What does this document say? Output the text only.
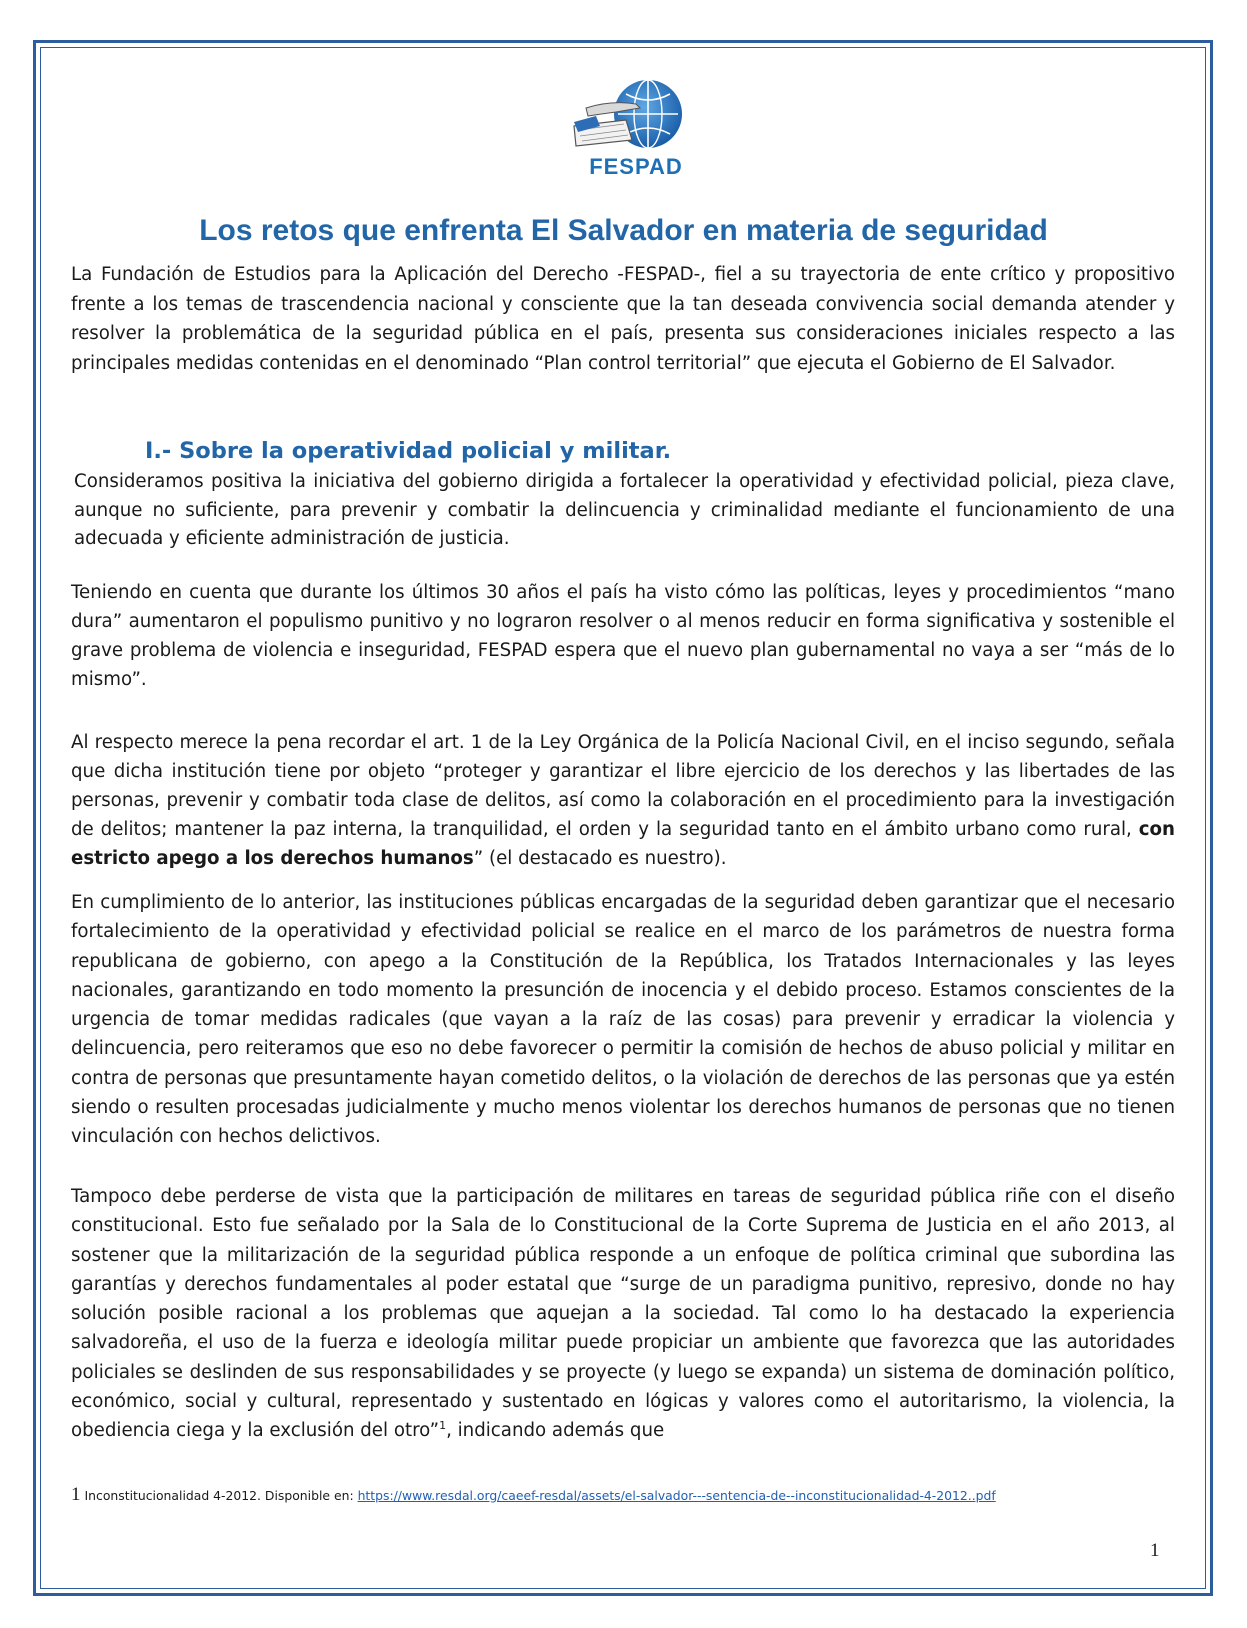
FESPAD
Los retos que enfrenta El Salvador en materia de seguridad

La Fundación de Estudios para la Aplicación del Derecho -FESPAD-, fiel a su trayectoria de ente crítico y propositivo frente a los temas de trascendencia nacional y consciente que la tan deseada convivencia social demanda atender y resolver la problemática de la seguridad pública en el país, presenta sus consideraciones iniciales respecto a las principales medidas contenidas en el denominado “Plan control territorial” que ejecuta el Gobierno de El Salvador.

I.- Sobre la operatividad policial y militar.

Consideramos positiva la iniciativa del gobierno dirigida a fortalecer la operatividad y efectividad policial, pieza clave, aunque no suficiente, para prevenir y combatir la delincuencia y criminalidad mediante el funcionamiento de una adecuada y eficiente administración de justicia.

Teniendo en cuenta que durante los últimos 30 años el país ha visto cómo las políticas, leyes y procedimientos “mano dura” aumentaron el populismo punitivo y no lograron resolver o al menos reducir en forma significativa y sostenible el grave problema de violencia e inseguridad, FESPAD espera que el nuevo plan gubernamental no vaya a ser “más de lo mismo”.

Al respecto merece la pena recordar el art. 1 de la Ley Orgánica de la Policía Nacional Civil, en el inciso segundo, señala que dicha institución tiene por objeto “proteger y garantizar el libre ejercicio de los derechos y las libertades de las personas, prevenir y combatir toda clase de delitos, así como la colaboración en el procedimiento para la investigación de delitos; mantener la paz interna, la tranquilidad, el orden y la seguridad tanto en el ámbito urbano como rural, con estricto apego a los derechos humanos” (el destacado es nuestro).

En cumplimiento de lo anterior, las instituciones públicas encargadas de la seguridad deben garantizar que el necesario fortalecimiento de la operatividad y efectividad policial se realice en el marco de los parámetros de nuestra forma republicana de gobierno, con apego a la Constitución de la República, los Tratados Internacionales y las leyes nacionales, garantizando en todo momento la presunción de inocencia y el debido proceso. Estamos conscientes de la urgencia de tomar medidas radicales (que vayan a la raíz de las cosas) para prevenir y erradicar la violencia y delincuencia, pero reiteramos que eso no debe favorecer o permitir la comisión de hechos de abuso policial y militar en contra de personas que presuntamente hayan cometido delitos, o la violación de derechos de las personas que ya estén siendo o resulten procesadas judicialmente y mucho menos violentar los derechos humanos de personas que no tienen vinculación con hechos delictivos.

Tampoco debe perderse de vista que la participación de militares en tareas de seguridad pública riñe con el diseño constitucional. Esto fue señalado por la Sala de lo Constitucional de la Corte Suprema de Justicia en el año 2013, al sostener que la militarización de la seguridad pública responde a un enfoque de política criminal que subordina las garantías y derechos fundamentales al poder estatal que “surge de un paradigma punitivo, represivo, donde no hay solución posible racional a los problemas que aquejan a la sociedad. Tal como lo ha destacado la experiencia salvadoreña, el uso de la fuerza e ideología militar puede propiciar un ambiente que favorezca que las autoridades policiales se deslinden de sus responsabilidades y se proyecte (y luego se expanda) un sistema de dominación político, económico, social y cultural, representado y sustentado en lógicas y valores como el autoritarismo, la violencia, la obediencia ciega y la exclusión del otro”$^1$, indicando además que

1 Inconstitucionalidad 4-2012. Disponible en: https://www.resdal.org/caeef-resdal/assets/el-salvador---sentencia-de--inconstitucionalidad-4-2012..pdf
1
